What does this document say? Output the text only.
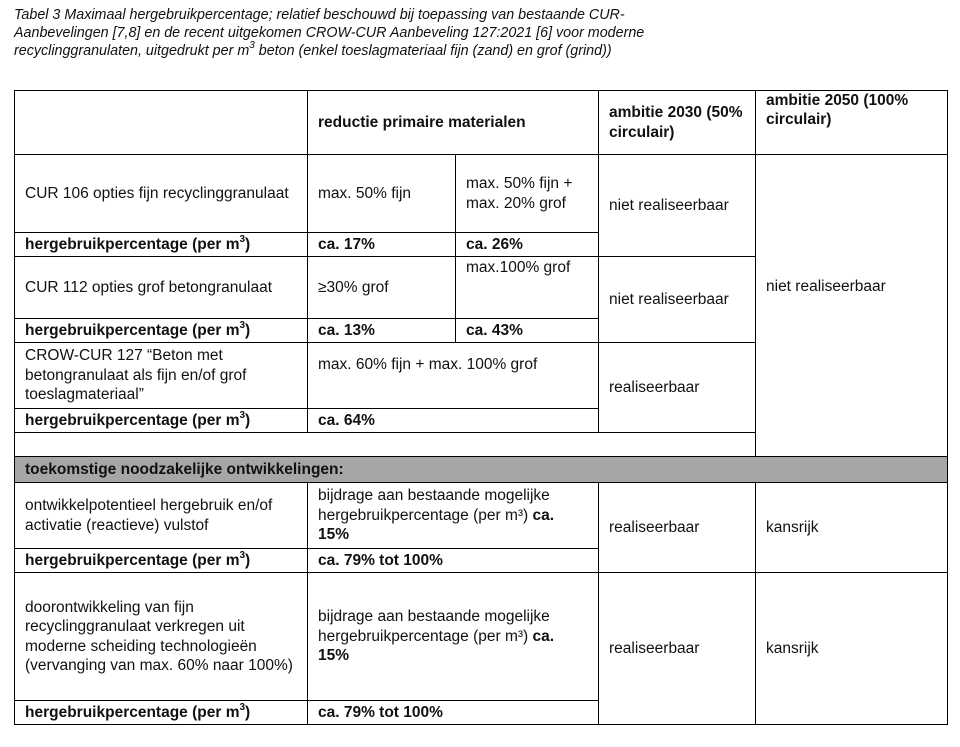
Tabel 3 Maximaal hergebruikpercentage; relatief beschouwd bij toepassing van bestaande CUR-
Aanbevelingen [7,8] en de recent uitgekomen CROW-CUR Aanbeveling 127:2021 [6] voor moderne
recyclinggranulaten, uitgedrukt per $m^3$ beton (enkel toeslagmateriaal fijn (zand) en grof (grind))

	reductie primaire materialen		ambitie 2030 (50% circulair)	ambitie 2050 (100% circulair)
CUR 106 opties fijn recyclinggranulaat	max. 50% fijn	max. 50% fijn + max. 20% grof	niet realiseerbaar	niet realiseerbaar
hergebruikpercentage (per $m^3$)	ca. 17%	ca. 26%		
CUR 112 opties grof betongranulaat	≥30% grof	max.100% grof	niet realiseerbaar	
hergebruikpercentage (per $m^3$)	ca. 13%	ca. 43%		
CROW-CUR 127 “Beton met betongranulaat als fijn en/of grof toeslagmateriaal”	max. 60% fijn + max. 100% grof		realiseerbaar	
hergebruikpercentage (per $m^3$)	ca. 64%			

toekomstige noodzakelijke ontwikkelingen:				
ontwikkelpotentieel hergebruik en/of activatie (reactieve) vulstof	bijdrage aan bestaande mogelijke hergebruikpercentage (per m³) ca. 15%		realiseerbaar	kansrijk
hergebruikpercentage (per $m^3$)	ca. 79% tot 100%			
doorontwikkeling van fijn recyclinggranulaat verkregen uit moderne scheiding technologieën (vervanging van max. 60% naar 100%)	bijdrage aan bestaande mogelijke hergebruikpercentage (per m³) ca. 15%		realiseerbaar	kansrijk
hergebruikpercentage (per $m^3$)	ca. 79% tot 100%			
